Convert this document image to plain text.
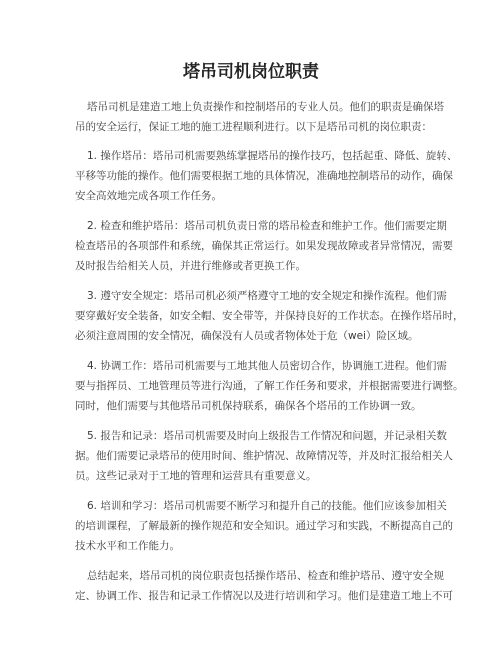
塔吊司机岗位职责
塔吊司机是建造工地上负责操作和控制塔吊的专业人员。他们的职责是确保塔
吊的安全运行，保证工地的施工进程顺利进行。以下是塔吊司机的岗位职责：
1. 操作塔吊：塔吊司机需要熟练掌握塔吊的操作技巧，包括起重、降低、旋转、
平移等功能的操作。他们需要根据工地的具体情况，准确地控制塔吊的动作，确保
安全高效地完成各项工作任务。
2. 检查和维护塔吊：塔吊司机负责日常的塔吊检查和维护工作。他们需要定期
检查塔吊的各项部件和系统，确保其正常运行。如果发现故障或者异常情况，需要
及时报告给相关人员，并进行维修或者更换工作。
3. 遵守安全规定：塔吊司机必须严格遵守工地的安全规定和操作流程。他们需
要穿戴好安全装备，如安全帽、安全带等，并保持良好的工作状态。在操作塔吊时，
必须注意周围的安全情况，确保没有人员或者物体处于危（wei）险区域。
4. 协调工作：塔吊司机需要与工地其他人员密切合作，协调施工进程。他们需
要与指挥员、工地管理员等进行沟通，了解工作任务和要求，并根据需要进行调整。
同时，他们需要与其他塔吊司机保持联系，确保各个塔吊的工作协调一致。
5. 报告和记录：塔吊司机需要及时向上级报告工作情况和问题，并记录相关数
据。他们需要记录塔吊的使用时间、维护情况、故障情况等，并及时汇报给相关人
员。这些记录对于工地的管理和运营具有重要意义。
6. 培训和学习：塔吊司机需要不断学习和提升自己的技能。他们应该参加相关
的培训课程，了解最新的操作规范和安全知识。通过学习和实践，不断提高自己的
技术水平和工作能力。
总结起来，塔吊司机的岗位职责包括操作塔吊、检查和维护塔吊、遵守安全规
定、协调工作、报告和记录工作情况以及进行培训和学习。他们是建造工地上不可
